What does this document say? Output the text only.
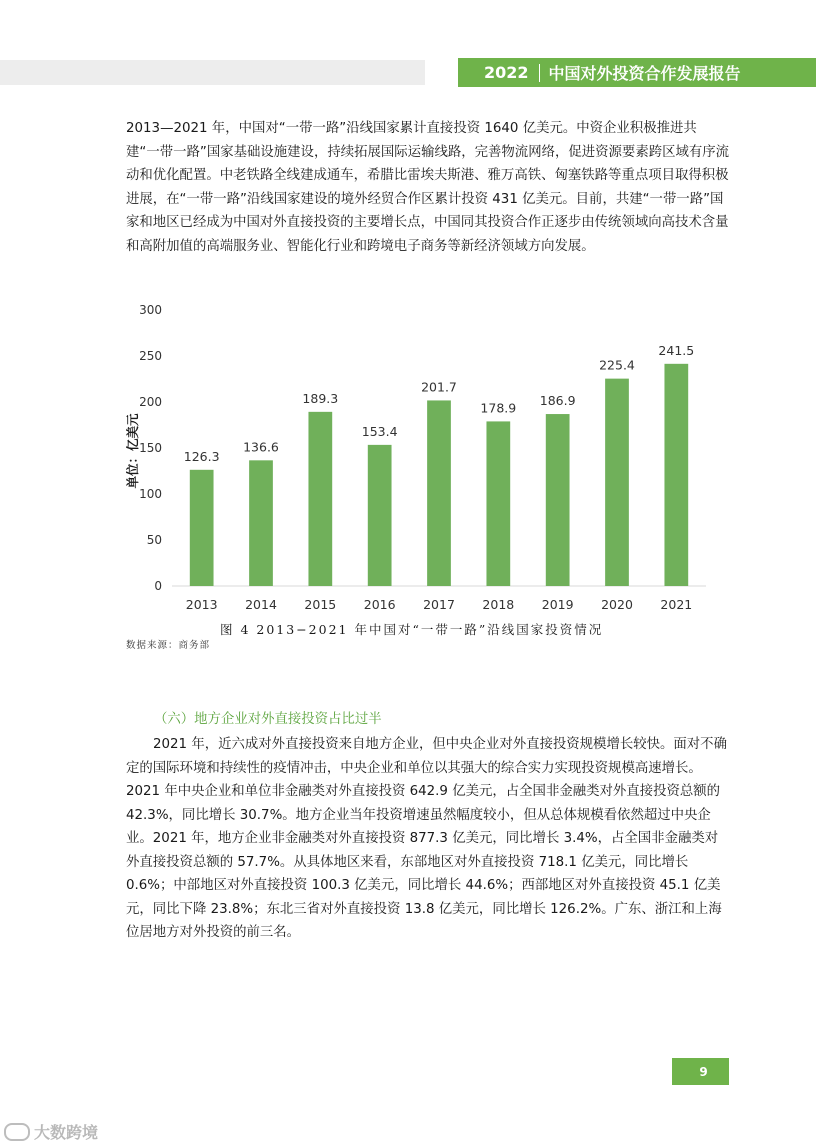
2022 中国对外投资合作发展报告

2013—2021 年，中国对“一带一路”沿线国家累计直接投资 1640 亿美元。中资企业积极推进共建“一带一路”国家基础设施建设，持续拓展国际运输线路，完善物流网络，促进资源要素跨区域有序流动和优化配置。中老铁路全线建成通车，希腊比雷埃夫斯港、雅万高铁、匈塞铁路等重点项目取得积极进展，在“一带一路”沿线国家建设的境外经贸合作区累计投资 431 亿美元。目前，共建“一带一路”国家和地区已经成为中国对外直接投资的主要增长点，中国同其投资合作正逐步由传统领域向高技术含量和高附加值的高端服务业、智能化行业和跨境电子商务等新经济领域方向发展。

单位：亿美元
0
50
100
150
200
250
300
126.3
136.6
189.3
153.4
201.7
178.9 186.9
225.4
241.5
2013 2014 2015 2016 2017 2018 2019 2020 2021
图 4 2013−2021 年中国对“一带一路”沿线国家投资情况
数据来源：商务部
（六）地方企业对外直接投资占比过半

2021 年，近六成对外直接投资来自地方企业，但中央企业对外直接投资规模增长较快。面对不确定的国际环境和持续性的疫情冲击，中央企业和单位以其强大的综合实力实现投资规模高速增长。2021 年中央企业和单位非金融类对外直接投资 642.9 亿美元，占全国非金融类对外直接投资总额的 42.3%，同比增长 30.7%。地方企业当年投资增速虽然幅度较小，但从总体规模看依然超过中央企业。2021 年，地方企业非金融类对外直接投资 877.3 亿美元，同比增长 3.4%，占全国非金融类对外直接投资总额的 57.7%。从具体地区来看，东部地区对外直接投资 718.1 亿美元，同比增长 0.6%；中部地区对外直接投资 100.3 亿美元，同比增长 44.6%；西部地区对外直接投资 45.1 亿美元，同比下降 23.8%；东北三省对外直接投资 13.8 亿美元，同比增长 126.2%。广东、浙江和上海位居地方对外投资的前三名。

9
大数跨境
